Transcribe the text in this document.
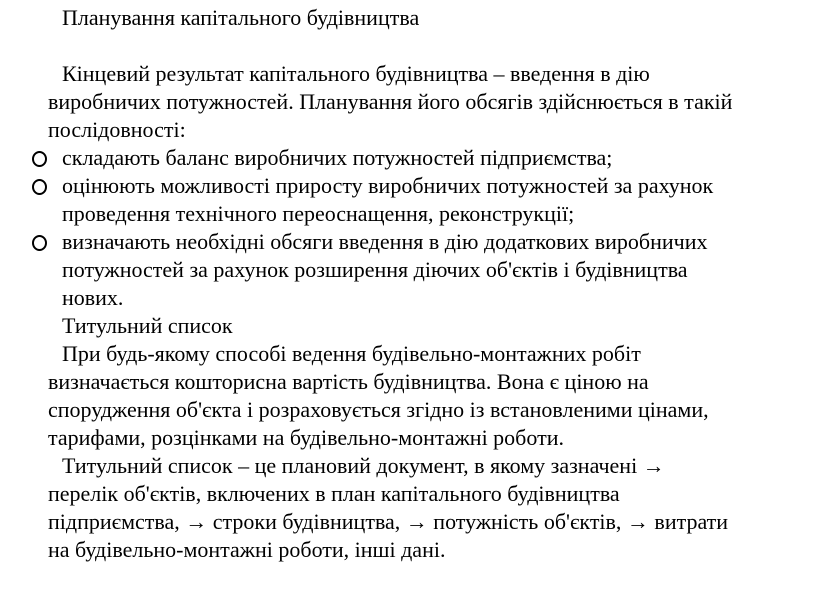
Планування капітального будівництва
Кінцевий результат капітального будівництва – введення в дію
виробничих потужностей. Планування його обсягів здійснюється в такій
послідовності:
складають баланс виробничих потужностей підприємства;
оцінюють можливості приросту виробничих потужностей за рахунок
проведення технічного переоснащення, реконструкції;
визначають необхідні обсяги введення в дію додаткових виробничих
потужностей за рахунок розширення діючих об'єктів і будівництва
нових.
Титульний список
При будь-якому способі ведення будівельно-монтажних робіт
визначається кошторисна вартість будівництва. Вона є ціною на
спорудження об'єкта і розраховується згідно із встановленими цінами,
тарифами, розцінками на будівельно-монтажні роботи.
Титульний список – це плановий документ, в якому зазначені →
перелік об'єктів, включених в план капітального будівництва
підприємства, → строки будівництва, → потужність об'єктів, → витрати
на будівельно-монтажні роботи, інші дані.
